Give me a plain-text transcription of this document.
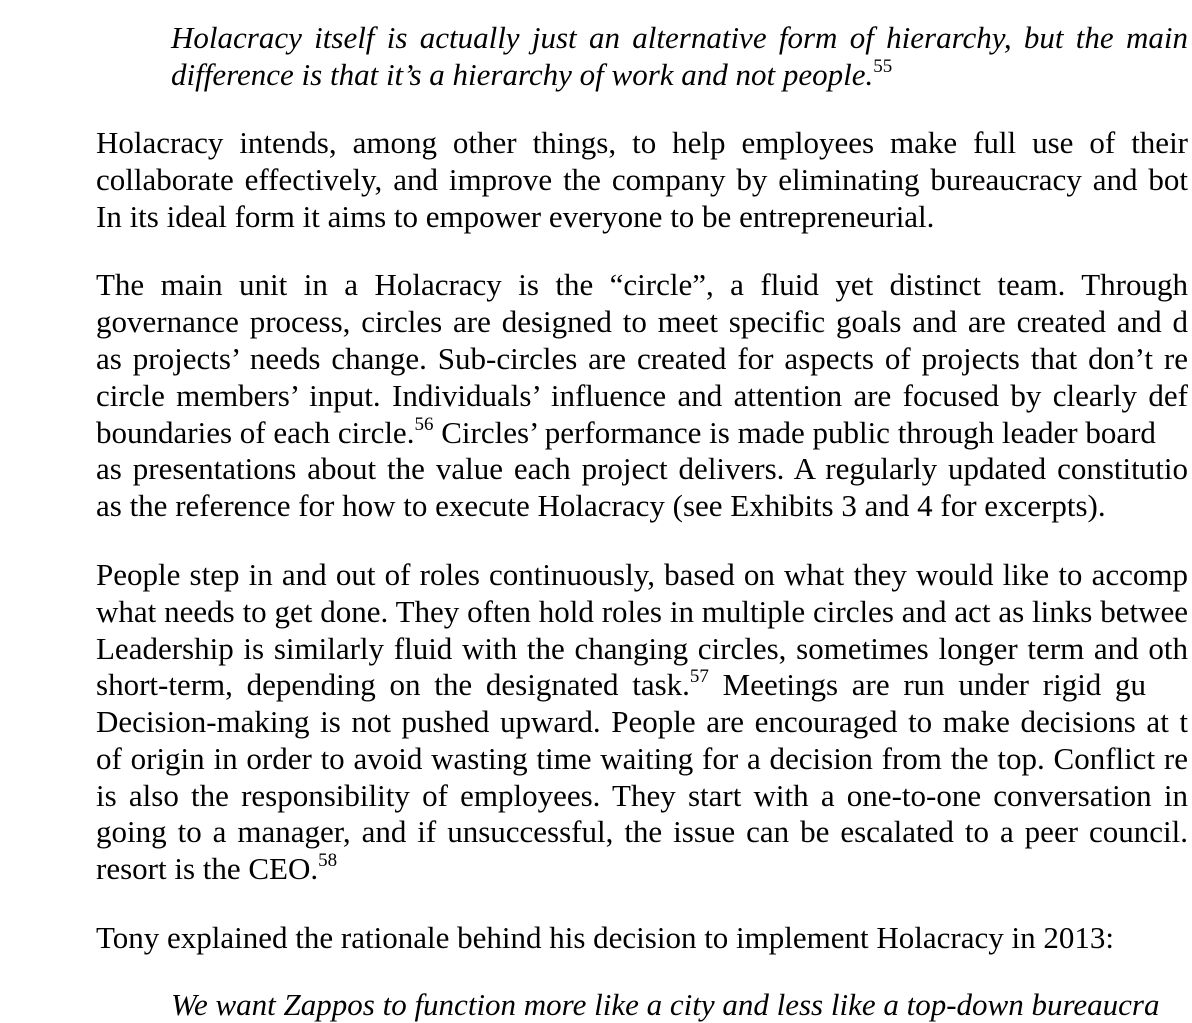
Holacracy itself is actually just an alternative form of hierarchy, but the main

difference is that it’s a hierarchy of work and not people.$^{55}$

Holacracy intends, among other things, to help employees make full use of their

collaborate effectively, and improve the company by eliminating bureaucracy and bot

In its ideal form it aims to empower everyone to be entrepreneurial.

The main unit in a Holacracy is the “circle”, a fluid yet distinct team. Through

governance process, circles are designed to meet specific goals and are created and d

as projects’ needs change. Sub-circles are created for aspects of projects that don’t re

circle members’ input. Individuals’ influence and attention are focused by clearly def

boundaries of each circle.$^{56}$ Circles’ performance is made public through leader board

as presentations about the value each project delivers. A regularly updated constitutio

as the reference for how to execute Holacracy (see Exhibits 3 and 4 for excerpts).

People step in and out of roles continuously, based on what they would like to accomp

what needs to get done. They often hold roles in multiple circles and act as links betwee

Leadership is similarly fluid with the changing circles, sometimes longer term and oth

short-term, depending on the designated task.$^{57}$ Meetings are run under rigid gu

Decision-making is not pushed upward. People are encouraged to make decisions at t

of origin in order to avoid wasting time waiting for a decision from the top. Conflict re

is also the responsibility of employees. They start with a one-to-one conversation in

going to a manager, and if unsuccessful, the issue can be escalated to a peer council.

resort is the CEO.$^{58}$

Tony explained the rationale behind his decision to implement Holacracy in 2013:

We want Zappos to function more like a city and less like a top-down bureaucra
